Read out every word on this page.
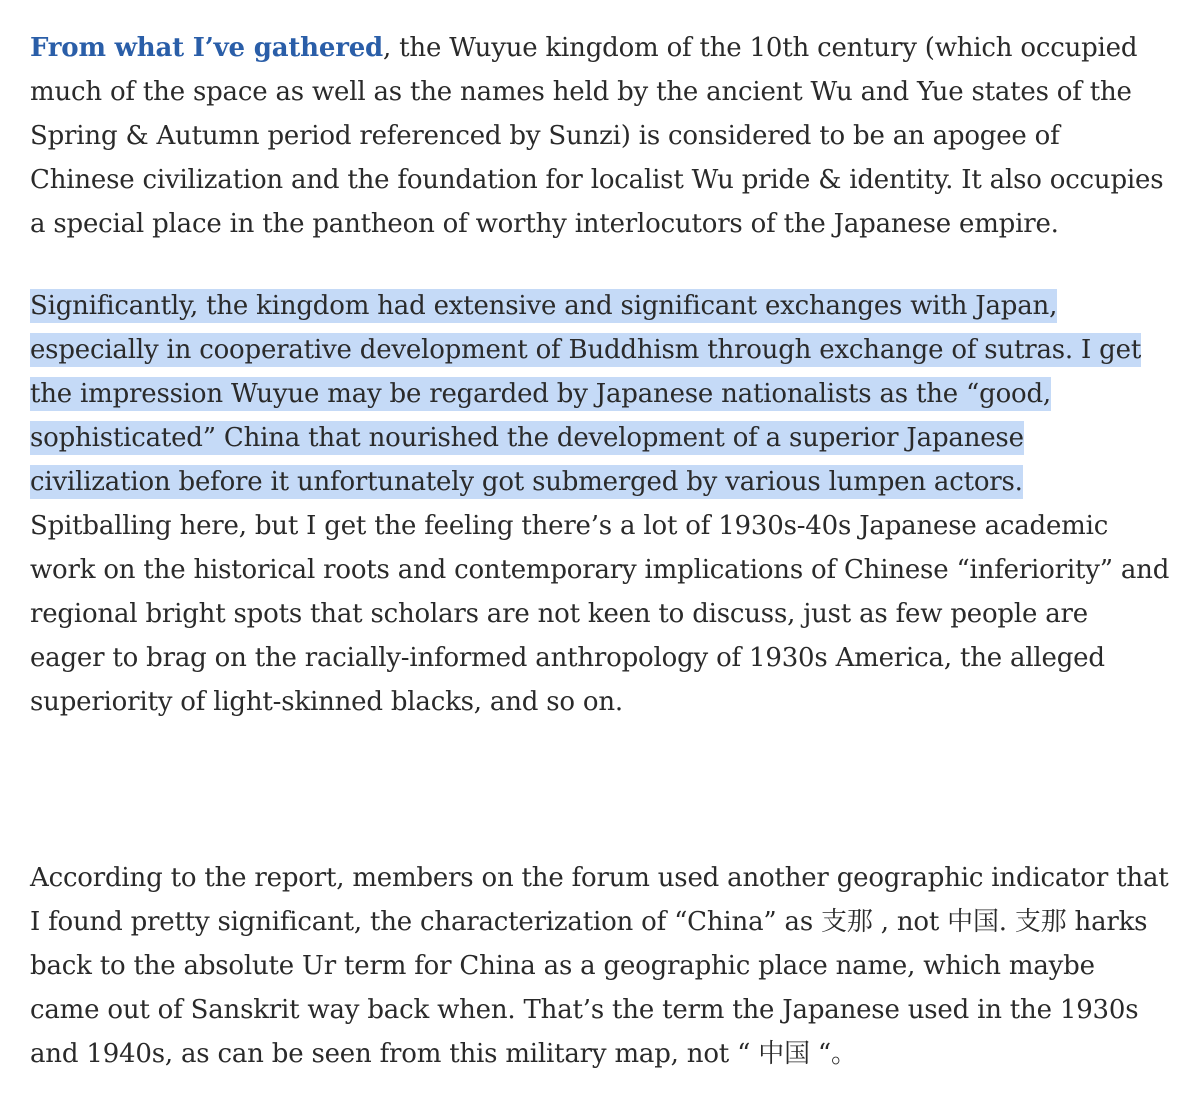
From what I’ve gathered, the Wuyue kingdom of the 10th century (which occupied much of the space as well as the names held by the ancient Wu and Yue states of the Spring & Autumn period referenced by Sunzi) is considered to be an apogee of Chinese civilization and the foundation for localist Wu pride & identity. It also occupies a special place in the pantheon of worthy interlocutors of the Japanese empire.

Significantly, the kingdom had extensive and significant exchanges with Japan, especially in cooperative development of Buddhism through exchange of sutras. I get the impression Wuyue may be regarded by Japanese nationalists as the “good, sophisticated” China that nourished the development of a superior Japanese civilization before it unfortunately got submerged by various lumpen actors. Spitballing here, but I get the feeling there’s a lot of 1930s-40s Japanese academic work on the historical roots and contemporary implications of Chinese “inferiority” and regional bright spots that scholars are not keen to discuss, just as few people are eager to brag on the racially-informed anthropology of 1930s America, the alleged superiority of light-skinned blacks, and so on.

According to the report, members on the forum used another geographic indicator that I found pretty significant, the characterization of “China” as 支那 , not 中国. 支那 harks back to the absolute Ur term for China as a geographic place name, which maybe came out of Sanskrit way back when. That’s the term the Japanese used in the 1930s and 1940s, as can be seen from this military map, not “ 中国 “。
